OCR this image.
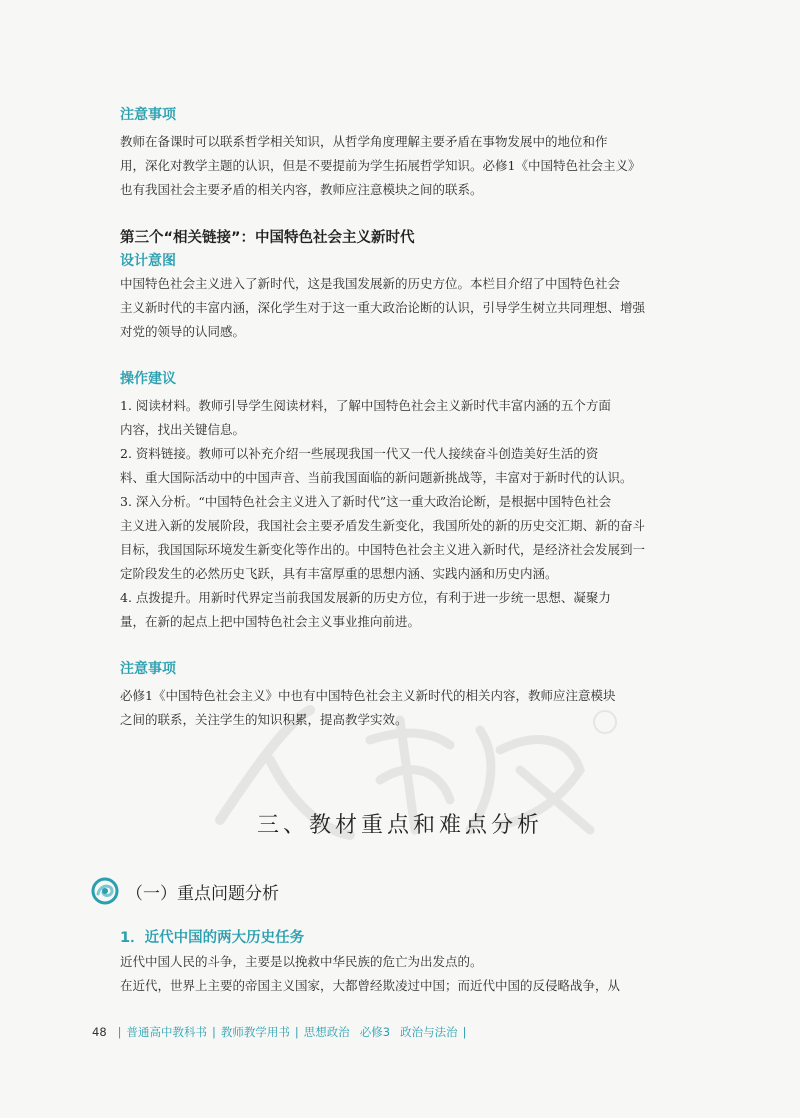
注意事项

教师在备课时可以联系哲学相关知识，从哲学角度理解主要矛盾在事物发展中的地位和作

用，深化对教学主题的认识，但是不要提前为学生拓展哲学知识。必修1《中国特色社会主义》

也有我国社会主要矛盾的相关内容，教师应注意模块之间的联系。

第三个“相关链接”：中国特色社会主义新时代

设计意图

中国特色社会主义进入了新时代，这是我国发展新的历史方位。本栏目介绍了中国特色社会

主义新时代的丰富内涵，深化学生对于这一重大政治论断的认识，引导学生树立共同理想、增强

对党的领导的认同感。

操作建议

1. 阅读材料。教师引导学生阅读材料，了解中国特色社会主义新时代丰富内涵的五个方面

内容，找出关键信息。

2. 资料链接。教师可以补充介绍一些展现我国一代又一代人接续奋斗创造美好生活的资

料、重大国际活动中的中国声音、当前我国面临的新问题新挑战等，丰富对于新时代的认识。

3. 深入分析。“中国特色社会主义进入了新时代”这一重大政治论断，是根据中国特色社会

主义进入新的发展阶段，我国社会主要矛盾发生新变化，我国所处的新的历史交汇期、新的奋斗

目标，我国国际环境发生新变化等作出的。中国特色社会主义进入新时代，是经济社会发展到一

定阶段发生的必然历史飞跃，具有丰富厚重的思想内涵、实践内涵和历史内涵。

4. 点拨提升。用新时代界定当前我国发展新的历史方位，有利于进一步统一思想、凝聚力

量，在新的起点上把中国特色社会主义事业推向前进。

注意事项

必修1《中国特色社会主义》中也有中国特色社会主义新时代的相关内容，教师应注意模块

之间的联系，关注学生的知识积累，提高教学实效。

三、教材重点和难点分析
（一）重点问题分析

1．近代中国的两大历史任务

近代中国人民的斗争，主要是以挽救中华民族的危亡为出发点的。

在近代，世界上主要的帝国主义国家，大都曾经欺凌过中国；而近代中国的反侵略战争，从

48 | 普通高中教科书 | 教师教学用书 | 思想政治 必修3 政治与法治 |
